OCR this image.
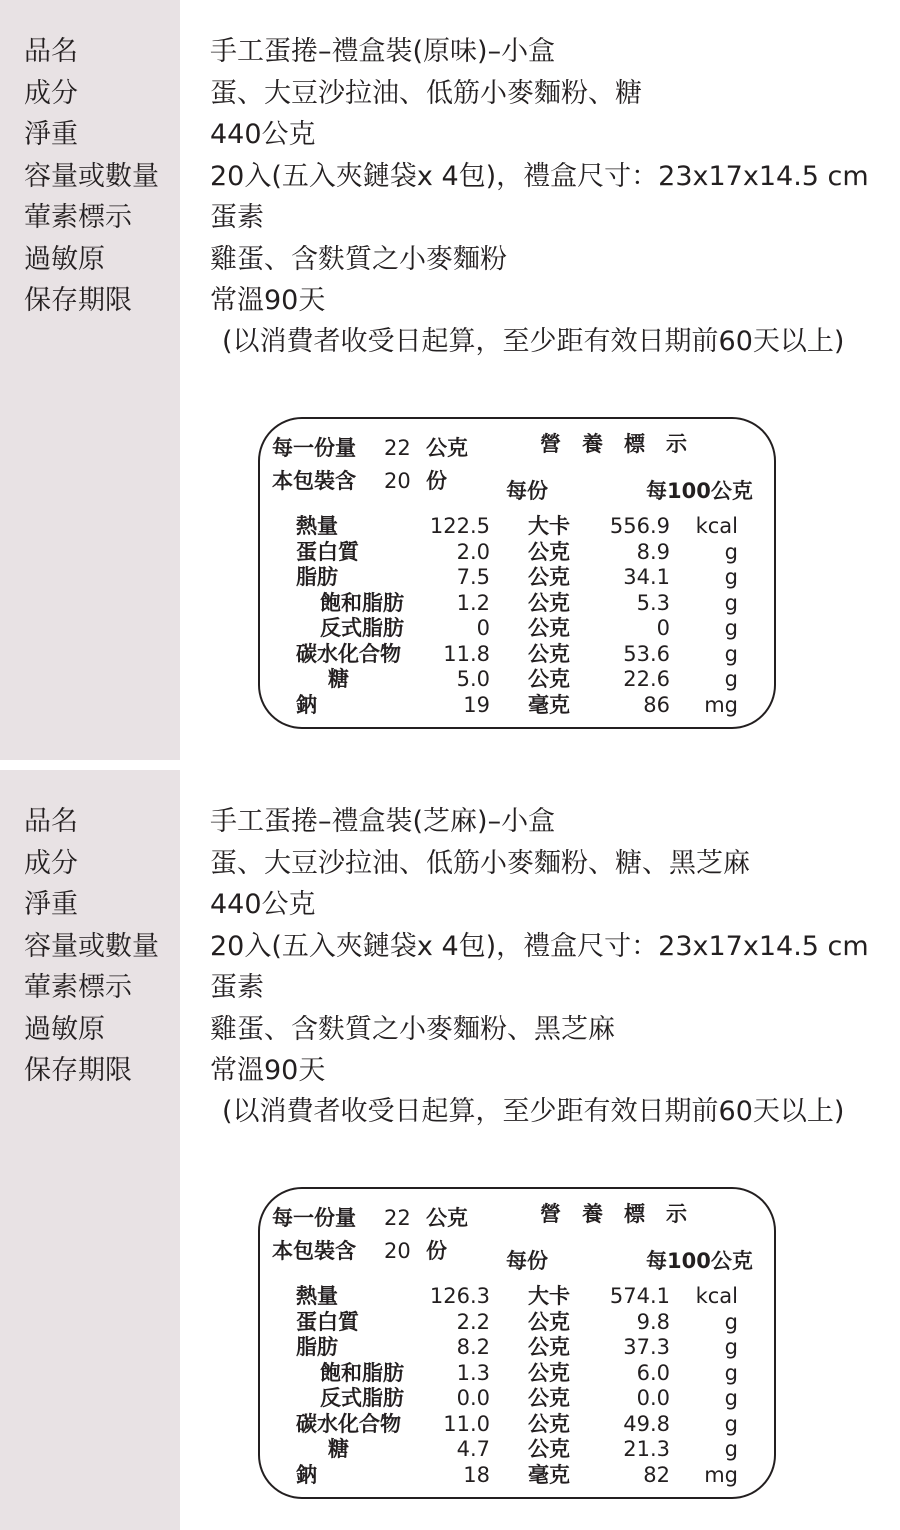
品名	手工蛋捲–禮盒裝(原味)–小盒
成分	蛋、大豆沙拉油、低筋小麥麵粉、糖
淨重	440公克
容量或數量 20入(五入夾鏈袋x 4包)，禮盒尺寸：23x17x14.5 cm
葷素標示	蛋素
過敏原	雞蛋、含麩質之小麥麵粉
保存期限	常溫90天
(以消費者收受日起算，至少距有效日期前60天以上)
每一份量 22 公克	營　養　標　示
本包裝含 20 份	每份	每100公克
熱量	122.5 大卡	556.9	kcal
蛋白質	2.0 公克	8.9	g
脂肪	7.5 公克	34.1	g
飽和脂肪	1.2 公克	5.3	g
反式脂肪	0 公克	0	g
碳水化合物	11.8 公克	53.6	g
糖	5.0 公克	22.6	g
鈉	19 毫克	86	mg
品名	手工蛋捲–禮盒裝(芝麻)–小盒
成分	蛋、大豆沙拉油、低筋小麥麵粉、糖、黑芝麻
淨重	440公克
容量或數量 20入(五入夾鏈袋x 4包)，禮盒尺寸：23x17x14.5 cm
葷素標示	蛋素
過敏原	雞蛋、含麩質之小麥麵粉、黑芝麻
保存期限	常溫90天
(以消費者收受日起算，至少距有效日期前60天以上)
每一份量 22 公克	營　養　標　示
本包裝含 20 份	每份	每100公克
熱量	126.3 大卡	574.1	kcal
蛋白質	2.2 公克	9.8	g
脂肪	8.2 公克	37.3	g
飽和脂肪	1.3 公克	6.0	g
反式脂肪	0.0 公克	0.0	g
碳水化合物	11.0 公克	49.8	g
糖	4.7 公克	21.3	g
鈉	18 毫克	82	mg
